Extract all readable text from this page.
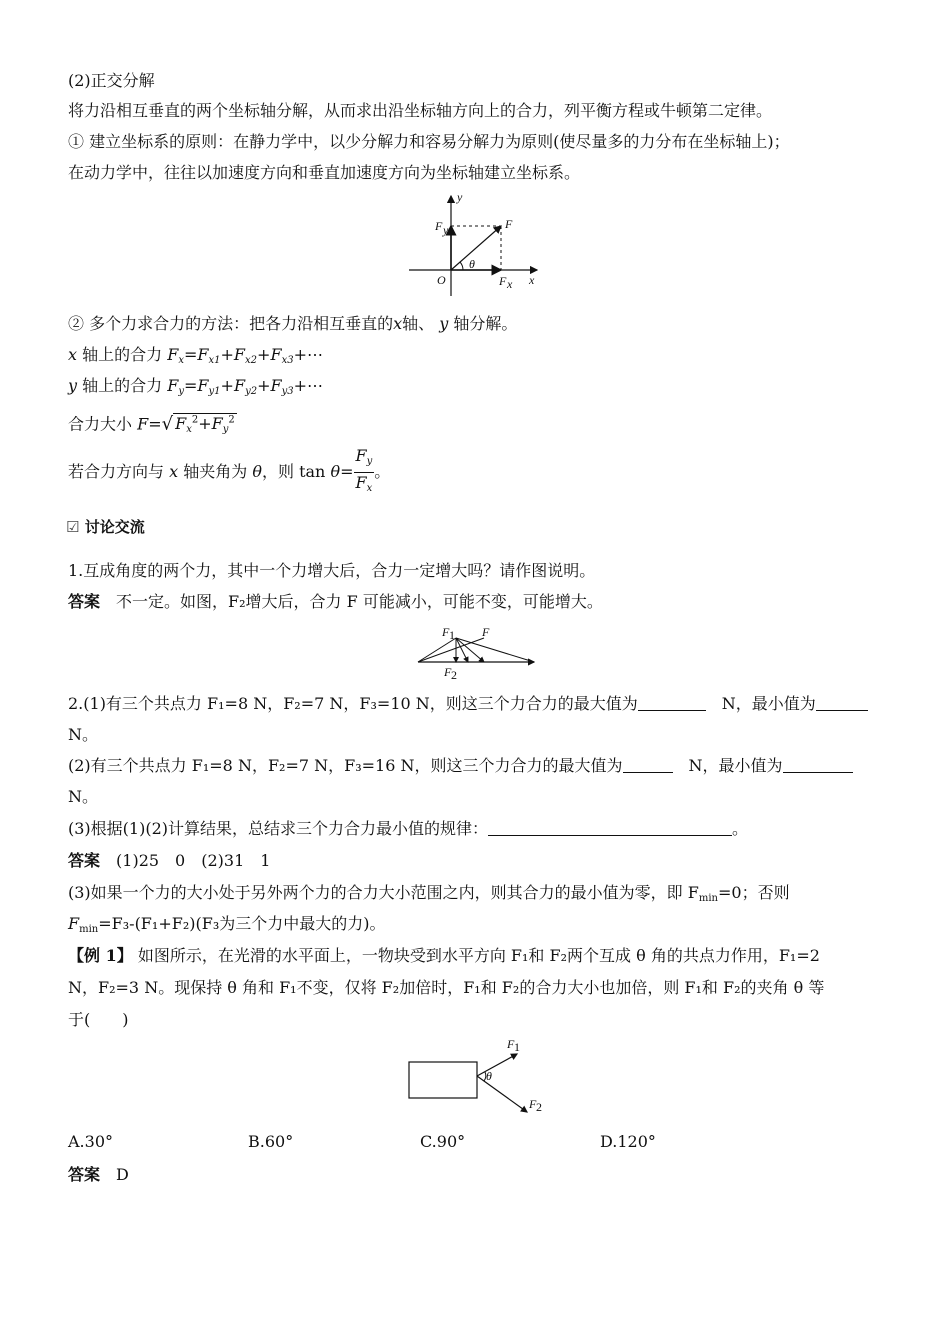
(2)正交分解
将力沿相互垂直的两个坐标轴分解，从而求出沿坐标轴方向上的合力，列平衡方程或牛顿第二定律。
① 建立坐标系的原则：在静力学中，以少分解力和容易分解力为原则(使尽量多的力分布在坐标轴上)；
在动力学中，往往以加速度方向和垂直加速度方向为坐标轴建立坐标系。
y
x
F
F y
F x
O
θ
② 多个力求合力的方法：把各力沿相互垂直的x轴、 y 轴分解。
x 轴上的合力 $F_x=F_{x1}+F_{x2}+F_{x3}+\cdots$
y 轴上的合力 $F_y=F_{y1}+F_{y2}+F_{y3}+\cdots$
合力大小 F=√ $F_x^2+F_y^2$
若合力方向与 x 轴夹角为 θ，则 $\tan \theta= \frac{F_y}{F_x}$ 。
☑ 讨论交流
1.互成角度的两个力，其中一个力增大后，合力一定增大吗？请作图说明。
答案　 不一定。如图，F₂增大后，合力 F 可能减小，可能不变，可能增大。
F 1 F
F 2
2.(1)有三个共点力 F₁=8 N，F₂=7 N，F₃=10 N，则这三个力合力的最大值为　	N，最小值为
N。
(2)有三个共点力 F₁=8 N，F₂=7 N，F₃=16 N，则这三个力合力的最大值为　	N，最小值为
N。
(3)根据(1)(2)计算结果，总结求三个力合力最小值的规律：	。
答案　 (1)25　0　(2)31　1
(3)如果一个力的大小处于另外两个力的合力大小范围之内，则其合力的最小值为零，即 $F_{min}=0$；否则
$F_{min}=F_3-(F_1+F_2)(F_3$为三个力中最大的力)。
【例 1】 如图所示，在光滑的水平面上，一物块受到水平方向 F₁和 F₂两个互成 θ 角的共点力作用，F₁=2
N，F₂=3 N。现保持 θ 角和 F₁不变，仅将 F₂加倍时，F₁和 F₂的合力大小也加倍，则 F₁和 F₂的夹角 θ 等
于(　　)
F 1
F 2
θ
A.30°	B.60°	C.90°	D.120°
答案　 D
